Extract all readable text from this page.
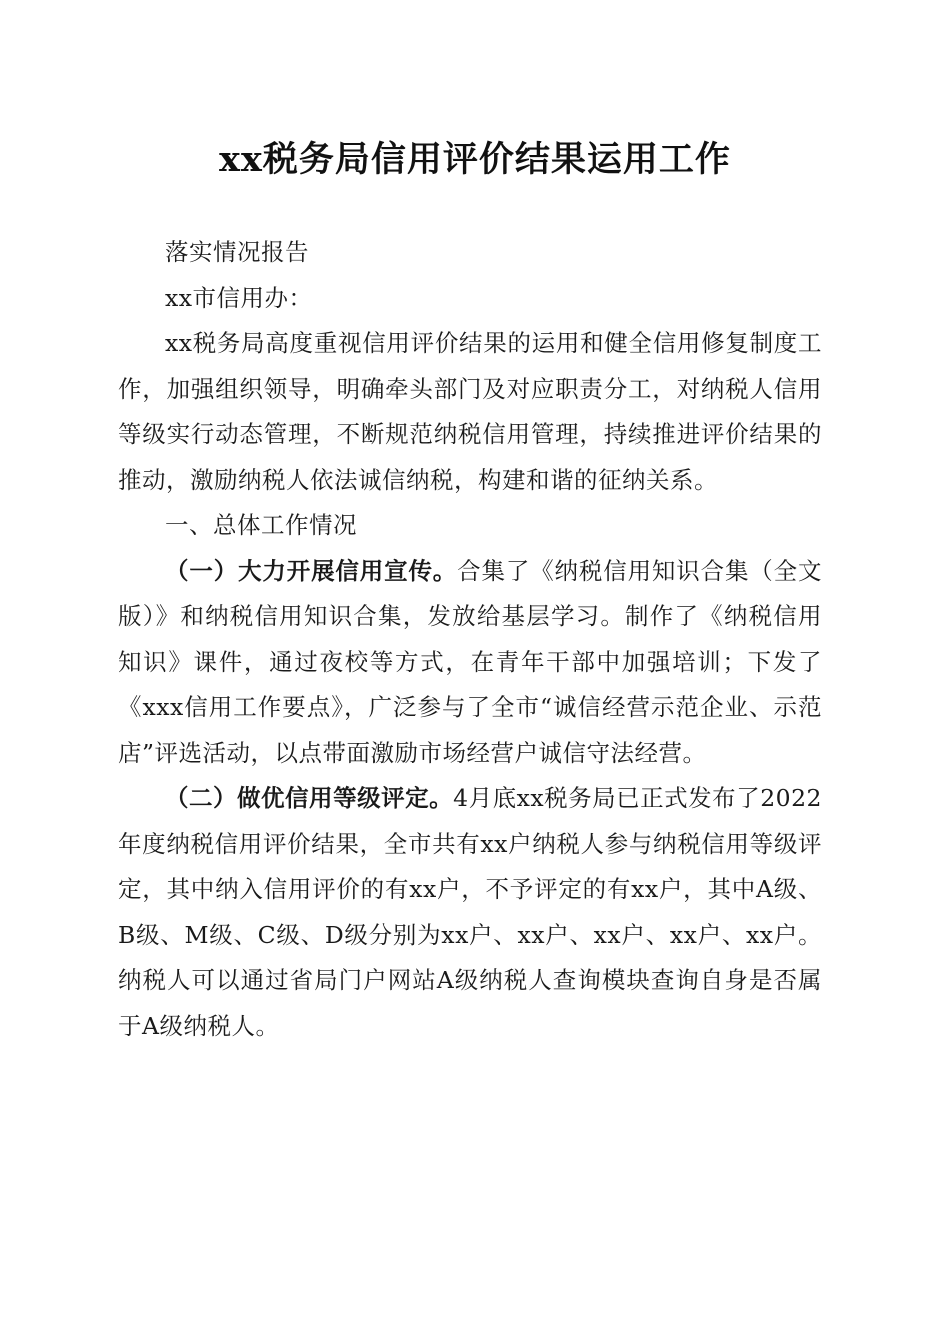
xx税务局信用评价结果运用工作

落实情况报告

xx市信用办：

xx税务局高度重视信用评价结果的运用和健全信用修复制度工作，加强组织领导，明确牵头部门及对应职责分工，对纳税人信用等级实行动态管理，不断规范纳税信用管理，持续推进评价结果的推动，激励纳税人依法诚信纳税，构建和谐的征纳关系。

一、总体工作情况

（一）大力开展信用宣传。合集了《纳税信用知识合集（全文版）》和纳税信用知识合集，发放给基层学习。制作了《纳税信用知识》课件，通过夜校等方式，在青年干部中加强培训；下发了《xxx信用工作要点》，广泛参与了全市“诚信经营示范企业、示范店”评选活动，以点带面激励市场经营户诚信守法经营。

（二）做优信用等级评定。4月底xx税务局已正式发布了2022年度纳税信用评价结果，全市共有xx户纳税人参与纳税信用等级评定，其中纳入信用评价的有xx户，不予评定的有xx户，其中A级、B级、M级、C级、D级分别为xx户、xx户、xx户、xx户、xx户。纳税人可以通过省局门户网站A级纳税人查询模块查询自身是否属于A级纳税人。
